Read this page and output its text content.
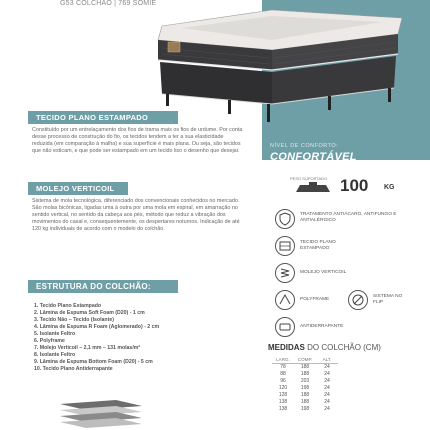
G53 COLCHÃO | 769 SOMIE
TECIDO PLANO ESTAMPADO

Constituído por um entrelaçamento dos fios de trama mais os fios de urdume. Por conta desse processo de construção do fio, os tecidos tendem a ter a sua elasticidade reduzida (em comparação à malha) e sua superfície é mais plana. Ou seja, são tecidos que não esticam, e que pode ser estampado em um tecido liso o desenho que desejar.

MOLEJO VERTICOIL

Sistema de mola tecnológica, diferenciado dos convencionais conhecidos no mercado. São molas bicônicas, ligadas uma à outra por uma mola em espiral, em amarração no sentido vertical, no sentido da cabeça aos pés, método que reduz a vibração dos movimentos do casal e, consequentemente, os despertares noturnos. Indicação de até 120 kg individuais de acordo com o modelo do colchão.

ESTRUTURA DO COLCHÃO:
1. Tecido Plano Estampado
2. Lâmina de Espuma Soft Foam (D20) - 1 cm
3. Tecido Não – Tecido (Isolante)
4. Lâmina de Espuma R Foam (Aglomerado) - 2 cm
5. Isolante Feltro
6. Polyframe
7. Molejo Verticoil – 2,1 mm – 131 molas/m²
8. Isolante Feltro
9. Lâmina de Espuma Bottom Foam (D20) - 5 cm
10. Tecido Plano Antiderrapante
NÍVEL DE CONFORTO:
CONFORTÁVEL
PESO SUPORTADO 100 KG
TRATAMENTO ANTIÁCARO, ANTIFUNGO E ANTIALÉRGICO
TECIDO PLANO ESTAMPADO
MOLEJO VERTICOIL
POLYFRAME
SISTEMA NO FLIP
ANTIDERRAPANTE
MEDIDAS DO COLCHÃO (CM)
LARG.	COMP.	ALT.
78	188	24
88	188	24
96	203	24
120	198	24
128	188	24
138	188	24
138	198	24
